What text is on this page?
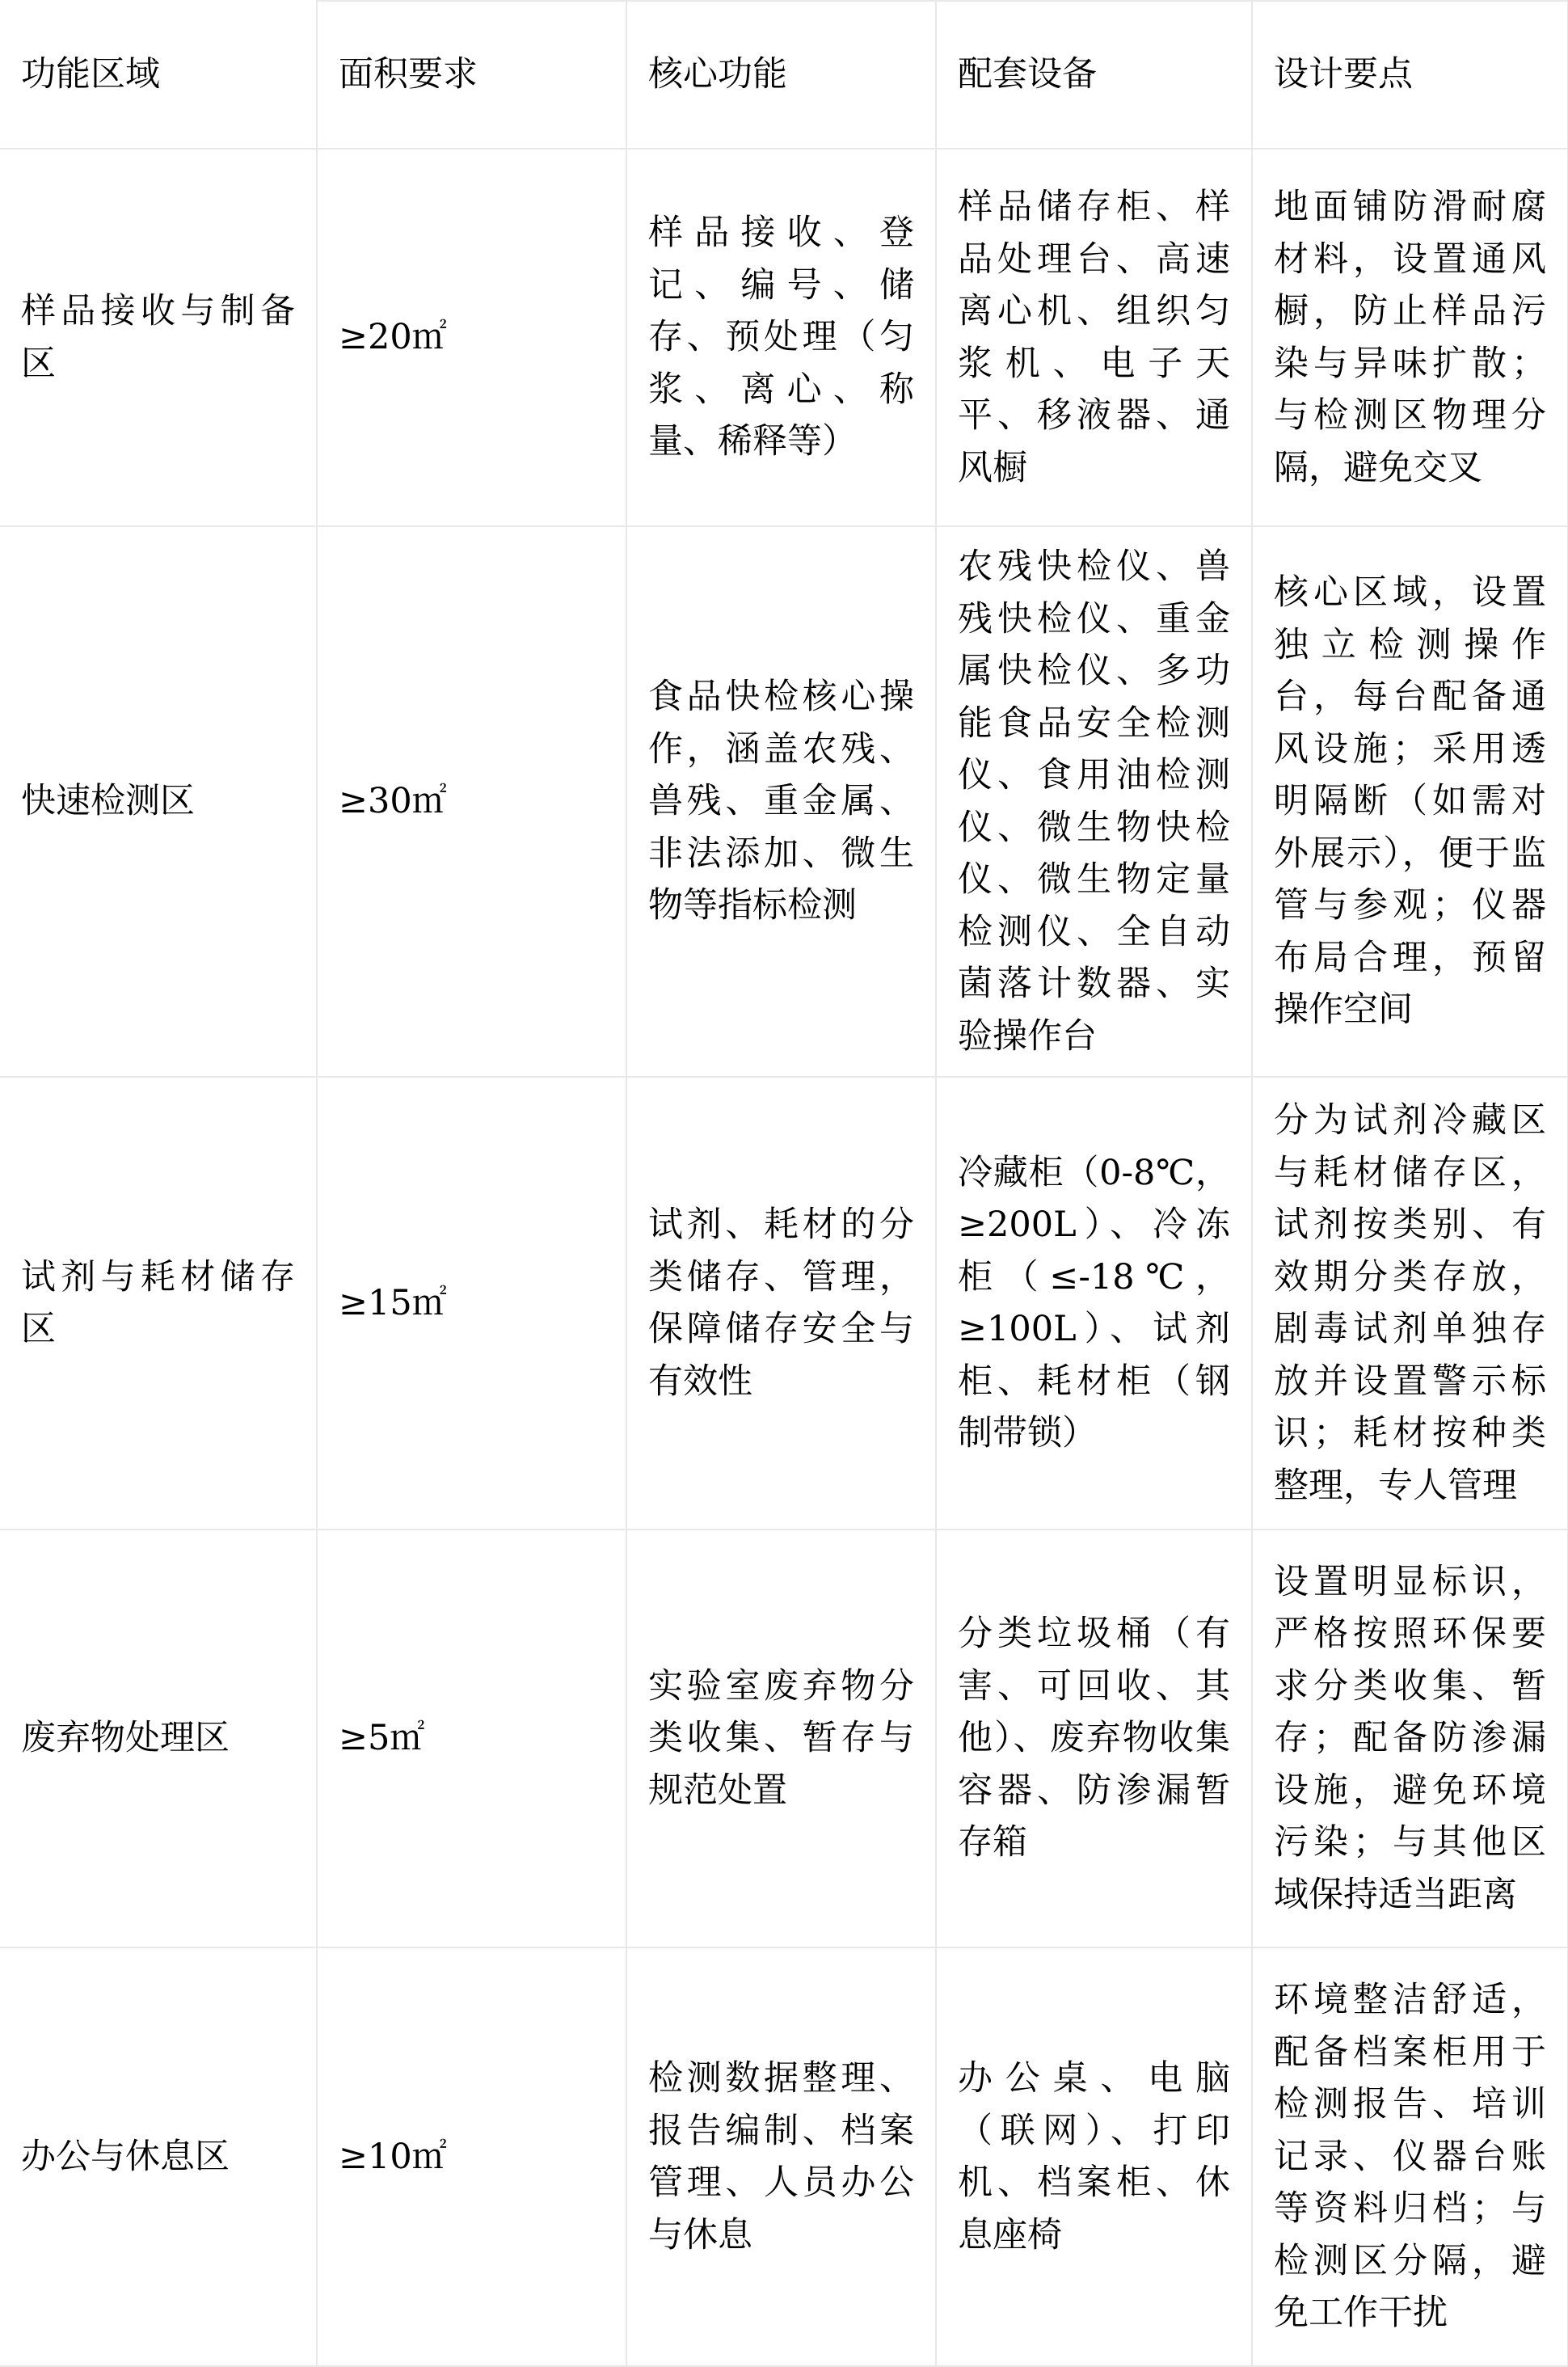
功能区域	面积要求	核心功能	配套设备	设计要点
样品接收与制备区	≥20㎡	样品接收、登记、编号、储存、预处理（匀浆、离心、称量、稀释等）	样品储存柜、样品处理台、高速离心机、组织匀浆机、电子天平、移液器、通风橱	地面铺防滑耐腐材料，设置通风橱，防止样品污染与异味扩散；与检测区物理分隔，避免交叉
快速检测区	≥30㎡	食品快检核心操作，涵盖农残、兽残、重金属、非法添加、微生物等指标检测	农残快检仪、兽残快检仪、重金属快检仪、多功能食品安全检测仪、食用油检测仪、微生物快检仪、微生物定量检测仪、全自动菌落计数器、实验操作台	核心区域，设置独立检测操作台，每台配备通风设施；采用透明隔断（如需对外展示），便于监管与参观；仪器布局合理，预留操作空间
试剂与耗材储存区	≥15㎡	试剂、耗材的分类储存、管理，保障储存安全与有效性	冷藏柜（0-8℃，≥200L）、冷冻柜（≤-18℃，≥100L）、试剂柜、耗材柜（钢制带锁）	分为试剂冷藏区与耗材储存区，试剂按类别、有效期分类存放，剧毒试剂单独存放并设置警示标识；耗材按种类整理，专人管理
废弃物处理区	≥5㎡	实验室废弃物分类收集、暂存与规范处置	分类垃圾桶（有害、可回收、其他）、废弃物收集容器、防渗漏暂存箱	设置明显标识，严格按照环保要求分类收集、暂存；配备防渗漏设施，避免环境污染；与其他区域保持适当距离
办公与休息区	≥10㎡	检测数据整理、报告编制、档案管理、人员办公与休息	办公桌、电脑（联网）、打印机、档案柜、休息座椅	环境整洁舒适，配备档案柜用于检测报告、培训记录、仪器台账等资料归档；与检测区分隔，避免工作干扰
